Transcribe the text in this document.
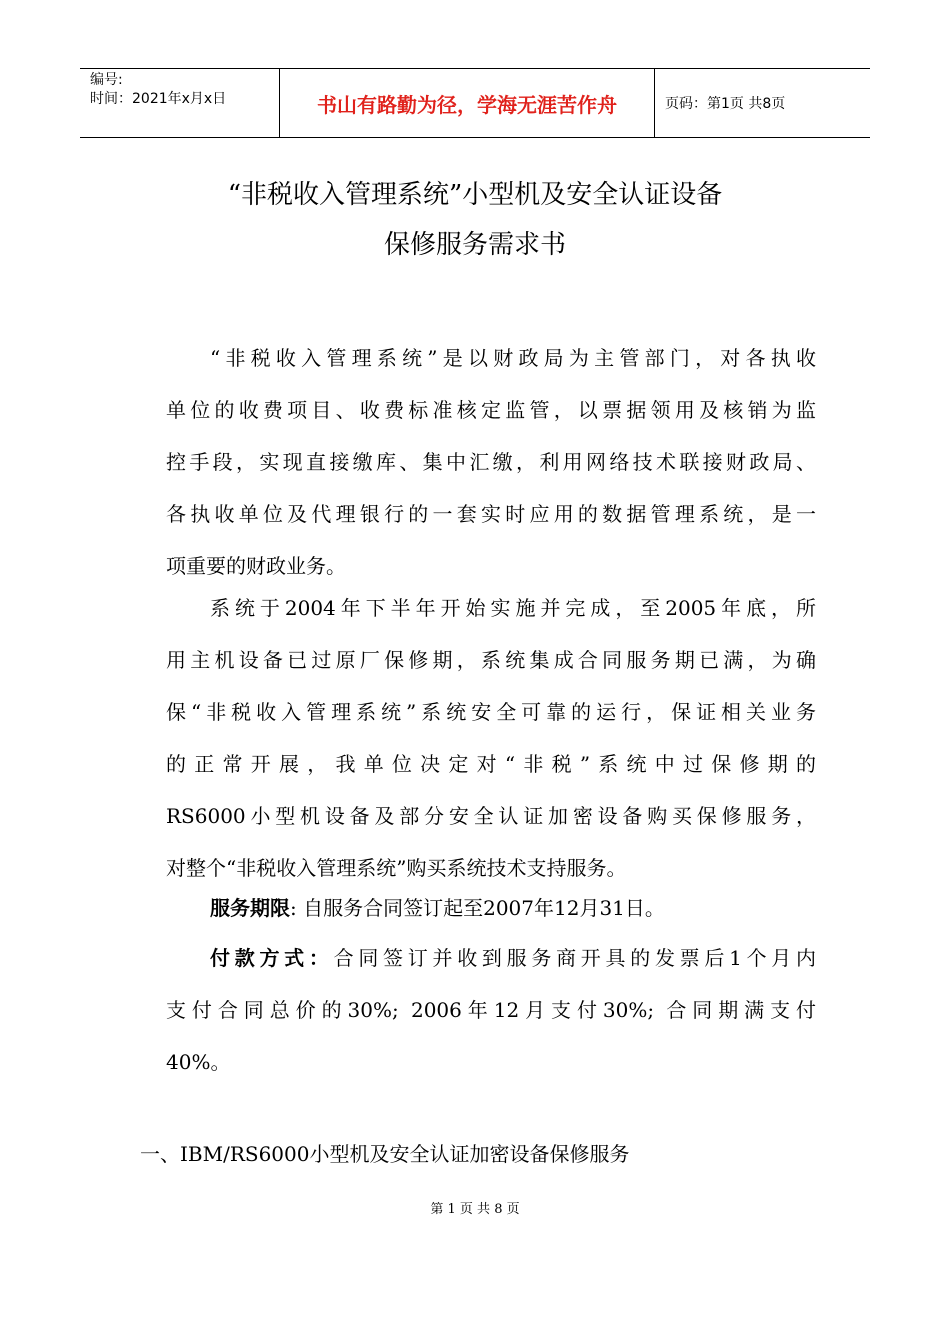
编号:
时间：2021年x月x日	书山有路勤为径，学海无涯苦作舟	页码：第1页 共8页
“非税收入管理系统”小型机及安全认证设备
保修服务需求书
“非税收入管理系统”是以财政局为主管部门，对各执收
单位的收费项目、收费标准核定监管，以票据领用及核销为监
控手段，实现直接缴库、集中汇缴，利用网络技术联接财政局、
各执收单位及代理银行的一套实时应用的数据管理系统，是一
项重要的财政业务。
系统于2004年下半年开始实施并完成，至2005年底，所
用主机设备已过原厂保修期，系统集成合同服务期已满，为确
保“非税收入管理系统”系统安全可靠的运行，保证相关业务
的正常开展，我单位决定对“非税”系统中过保修期的
RS6000小型机设备及部分安全认证加密设备购买保修服务，
对整个“非税收入管理系统”购买系统技术支持服务。
服务期限: 自服务合同签订起至2007年12月31日。
付款方式：合同签订并收到服务商开具的发票后1个月内
支付合同总价的30%; 2006年12月支付30%; 合同期满支付
40%。
一、IBM/RS6000小型机及安全认证加密设备保修服务
第 1 页 共 8 页
